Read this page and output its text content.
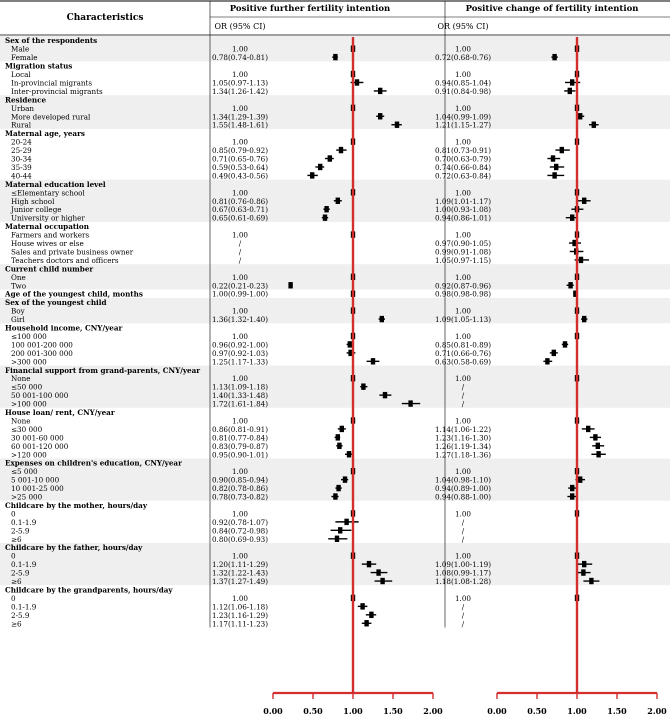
Characteristics
Positive further fertility intention	Positive change of fertility intention
OR (95% CI)	OR (95% CI)
Sex of the respondents
Male	1.00	1.00
Female	0.78(0.74-0.81)	0.72(0.68-0.76)
Migration status
Local	1.00	1.00
In-provincial migrants	1.05(0.97-1.13)	0.94(0.85-1.04)
Inter-provincial migrants	1.34(1.26-1.42)	0.91(0.84-0.98)
Residence
Urban	1.00	1.00
More developed rural	1.34(1.29-1.39)	1.04(0.99-1.09)
Rural	1.55(1.48-1.61)	1.21(1.15-1.27)
Maternal age, years
20-24	1.00	1.00
25-29	0.85(0.79-0.92)	0.81(0.73-0.91)
30-34	0.71(0.65-0.76)	0.70(0.63-0.79)
35-39	0.59(0.53-0.64)	0.74(0.66-0.84)
40-44	0.49(0.43-0.56)	0.72(0.63-0.84)
Maternal education level
≤Elementary school	1.00	1.00
High school	0.81(0.76-0.86)	1.09(1.01-1.17)
Junior college	0.67(0.63-0.71)	1.00(0.93-1.08)
University or higher	0.65(0.61-0.69)	0.94(0.86-1.01)
Maternal occupation
Farmers and workers	1.00	1.00
House wives or else	/	0.97(0.90-1.05)
Sales and private business owner	/	0.99(0.91-1.08)
Teachers doctors and officers	/	1.05(0.97-1.15)
Current child number
One	1.00	1.00
Two	0.22(0.21-0.23)	0.92(0.87-0.96)
Age of the youngest child, months	1.00(0.99-1.00)	0.98(0.98-0.98)
Sex of the youngest child
Boy	1.00	1.00
Girl	1.36(1.32-1.40)	1.09(1.05-1.13)
Household income, CNY/year
≤100 000	1.00	1.00
100 001-200 000	0.96(0.92-1.00)	0.85(0.81-0.89)
200 001-300 000	0.97(0.92-1.03)	0.71(0.66-0.76)
>300 000	1.25(1.17-1.33)	0.63(0.58-0.69)
Financial support from grand-parents, CNY/year
None	1.00	1.00
≤50 000	1.13(1.09-1.18)	/
50 001-100 000	1.40(1.33-1.48)	/
>100 000	1.72(1.61-1.84)	/
House loan/ rent, CNY/year
None	1.00	1.00
≤30 000	0.86(0.81-0.91)	1.14(1.06-1.22)
30 001-60 000	0.81(0.77-0.84)	1.23(1.16-1.30)
60 001-120 000	0.83(0.79-0.87)	1.26(1.19-1.34)
>120 000	0.95(0.90-1.01)	1.27(1.18-1.36)
Expenses on children's education, CNY/year
≤5 000	1.00	1.00
5 001-10 000	0.90(0.85-0.94)	1.04(0.98-1.10)
10 001-25 000	0.82(0.78-0.86)	0.94(0.89-1.00)
>25 000	0.78(0.73-0.82)	0.94(0.88-1.00)
Childcare by the mother, hours/day
0	1.00	1.00
0.1-1.9	0.92(0.78-1.07)	/
2-5.9	0.84(0.72-0.98)	/
≥6	0.80(0.69-0.93)	/
Childcare by the father, hours/day
0	1.00	1.00
0.1-1.9	1.20(1.11-1.29)	1.09(1.00-1.19)
2-5.9	1.32(1.22-1.43)	1.08(0.99-1.17)
≥6	1.37(1.27-1.49)	1.18(1.08-1.28)
Childcare by the grandparents, hours/day
0	1.00	1.00
0.1-1.9	1.12(1.06-1.18)	/
2-5.9	1.23(1.16-1.29)	/
≥6	1.17(1.11-1.23)	/
0.00	0.50	1.00	1.50	2.00	0.00	0.50	1.00	1.50	2.00
